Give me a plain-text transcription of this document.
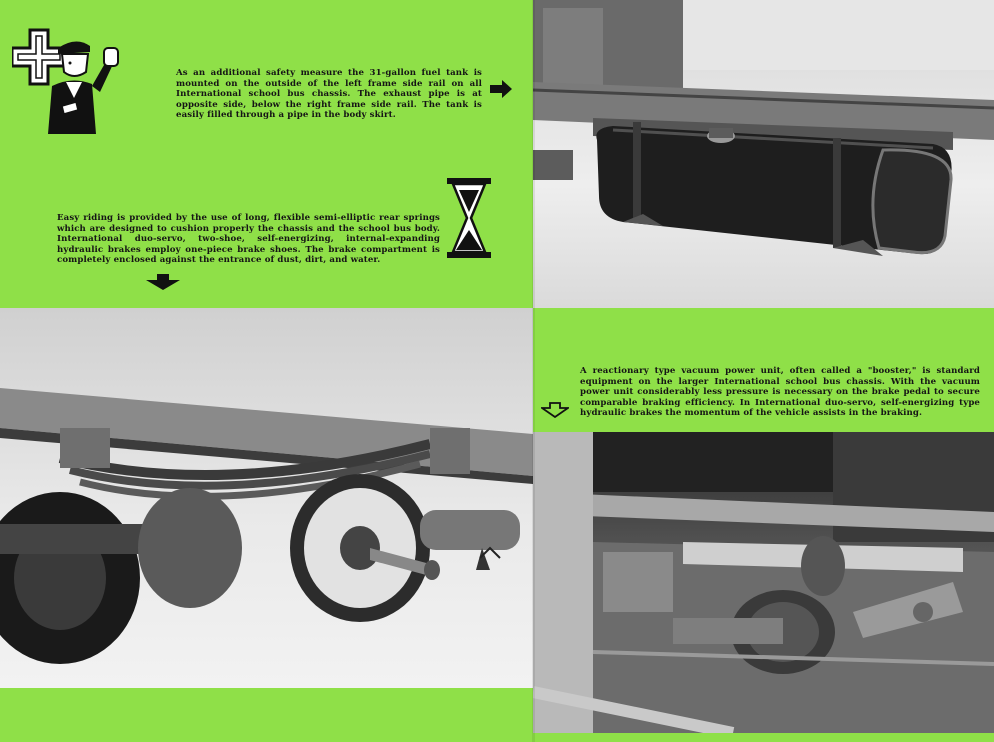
As an additional safety measure the 31-gallon fuel tank is mounted on the outside of the left frame side rail on all International school bus chassis. The exhaust pipe is at opposite side, below the right frame side rail. The tank is easily filled through a pipe in the body skirt.
Easy riding is provided by the use of long, flexible semi-elliptic rear springs which are designed to cushion properly the chassis and the school bus body. International duo-servo, two-shoe, self-energizing, internal-expanding hydraulic brakes employ one-piece brake shoes. The brake compartment is completely enclosed against the entrance of dust, dirt, and water.
A reactionary type vacuum power unit, often called a "booster," is standard equipment on the larger International school bus chassis. With the vacuum power unit considerably less pressure is necessary on the brake pedal to secure comparable braking efficiency. In International duo-servo, self-energizing type hydraulic brakes the momentum of the vehicle assists in the braking.
